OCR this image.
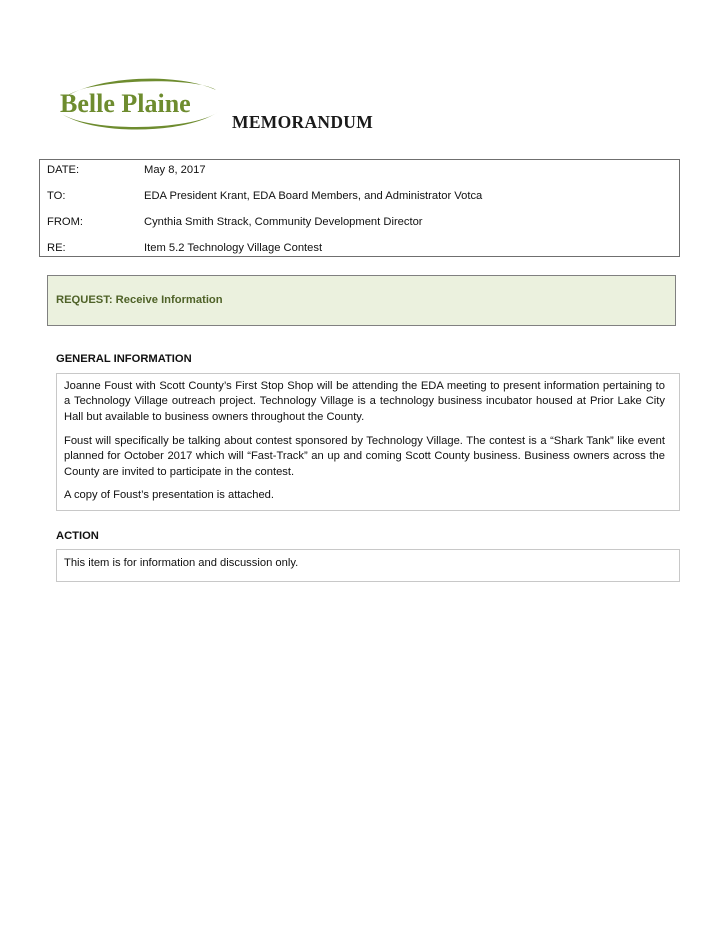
Belle Plaine
MEMORANDUM
DATE:	May 8, 2017
TO:	EDA President Krant, EDA Board Members, and Administrator Votca
FROM:	Cynthia Smith Strack, Community Development Director
RE:	Item 5.2 Technology Village Contest
REQUEST: Receive Information
GENERAL INFORMATION
Joanne Foust with Scott County’s First Stop Shop will be attending the EDA meeting to present information pertaining to a Technology Village outreach project. Technology Village is a technology business incubator housed at Prior Lake City Hall but available to business owners throughout the County.
Foust will specifically be talking about contest sponsored by Technology Village. The contest is a “Shark Tank” like event planned for October 2017 which will “Fast-Track” an up and coming Scott County business. Business owners across the County are invited to participate in the contest.
A copy of Foust’s presentation is attached.
ACTION
This item is for information and discussion only.
